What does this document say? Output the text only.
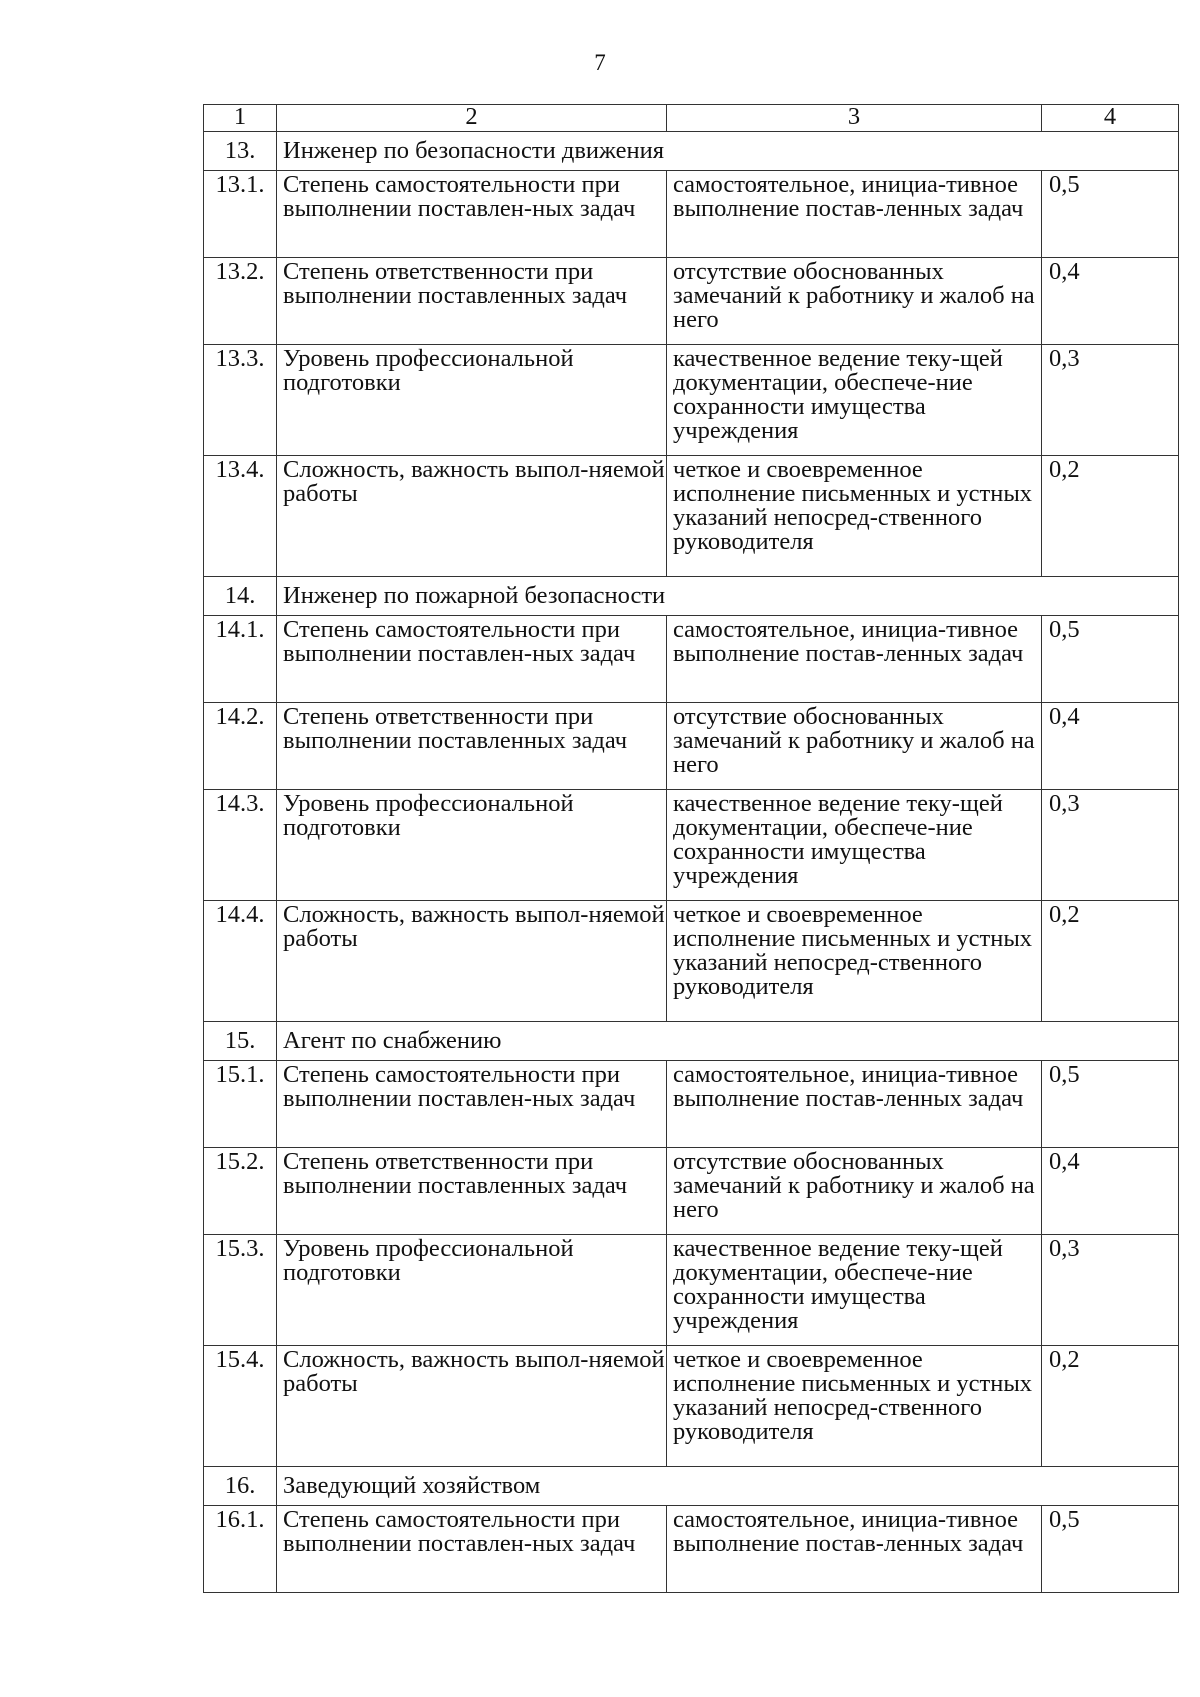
7
1	2	3	4
13.	Инженер по безопасности движения		
13.1.	Степень самостоятельности при выполнении поставлен-ных задач	самостоятельное, инициа-тивное выполнение постав-ленных задач	0,5
13.2.	Степень ответственности при выполнении поставленных задач	отсутствие обоснованных замечаний к работнику и жалоб на него	0,4
13.3.	Уровень профессиональной подготовки	качественное ведение теку-щей документации, обеспече-ние сохранности имущества учреждения	0,3
13.4.	Сложность, важность выпол-няемой работы	четкое и своевременное исполнение письменных и устных указаний непосред-ственного руководителя	0,2
14.	Инженер по пожарной безопасности		
14.1.	Степень самостоятельности при выполнении поставлен-ных задач	самостоятельное, инициа-тивное выполнение постав-ленных задач	0,5
14.2.	Степень ответственности при выполнении поставленных задач	отсутствие обоснованных замечаний к работнику и жалоб на него	0,4
14.3.	Уровень профессиональной подготовки	качественное ведение теку-щей документации, обеспече-ние сохранности имущества учреждения	0,3
14.4.	Сложность, важность выпол-няемой работы	четкое и своевременное исполнение письменных и устных указаний непосред-ственного руководителя	0,2
15.	Агент по снабжению		
15.1.	Степень самостоятельности при выполнении поставлен-ных задач	самостоятельное, инициа-тивное выполнение постав-ленных задач	0,5
15.2.	Степень ответственности при выполнении поставленных задач	отсутствие обоснованных замечаний к работнику и жалоб на него	0,4
15.3.	Уровень профессиональной подготовки	качественное ведение теку-щей документации, обеспече-ние сохранности имущества учреждения	0,3
15.4.	Сложность, важность выпол-няемой работы	четкое и своевременное исполнение письменных и устных указаний непосред-ственного руководителя	0,2
16.	Заведующий хозяйством		
16.1.	Степень самостоятельности при выполнении поставлен-ных задач	самостоятельное, инициа-тивное выполнение постав-ленных задач	0,5
